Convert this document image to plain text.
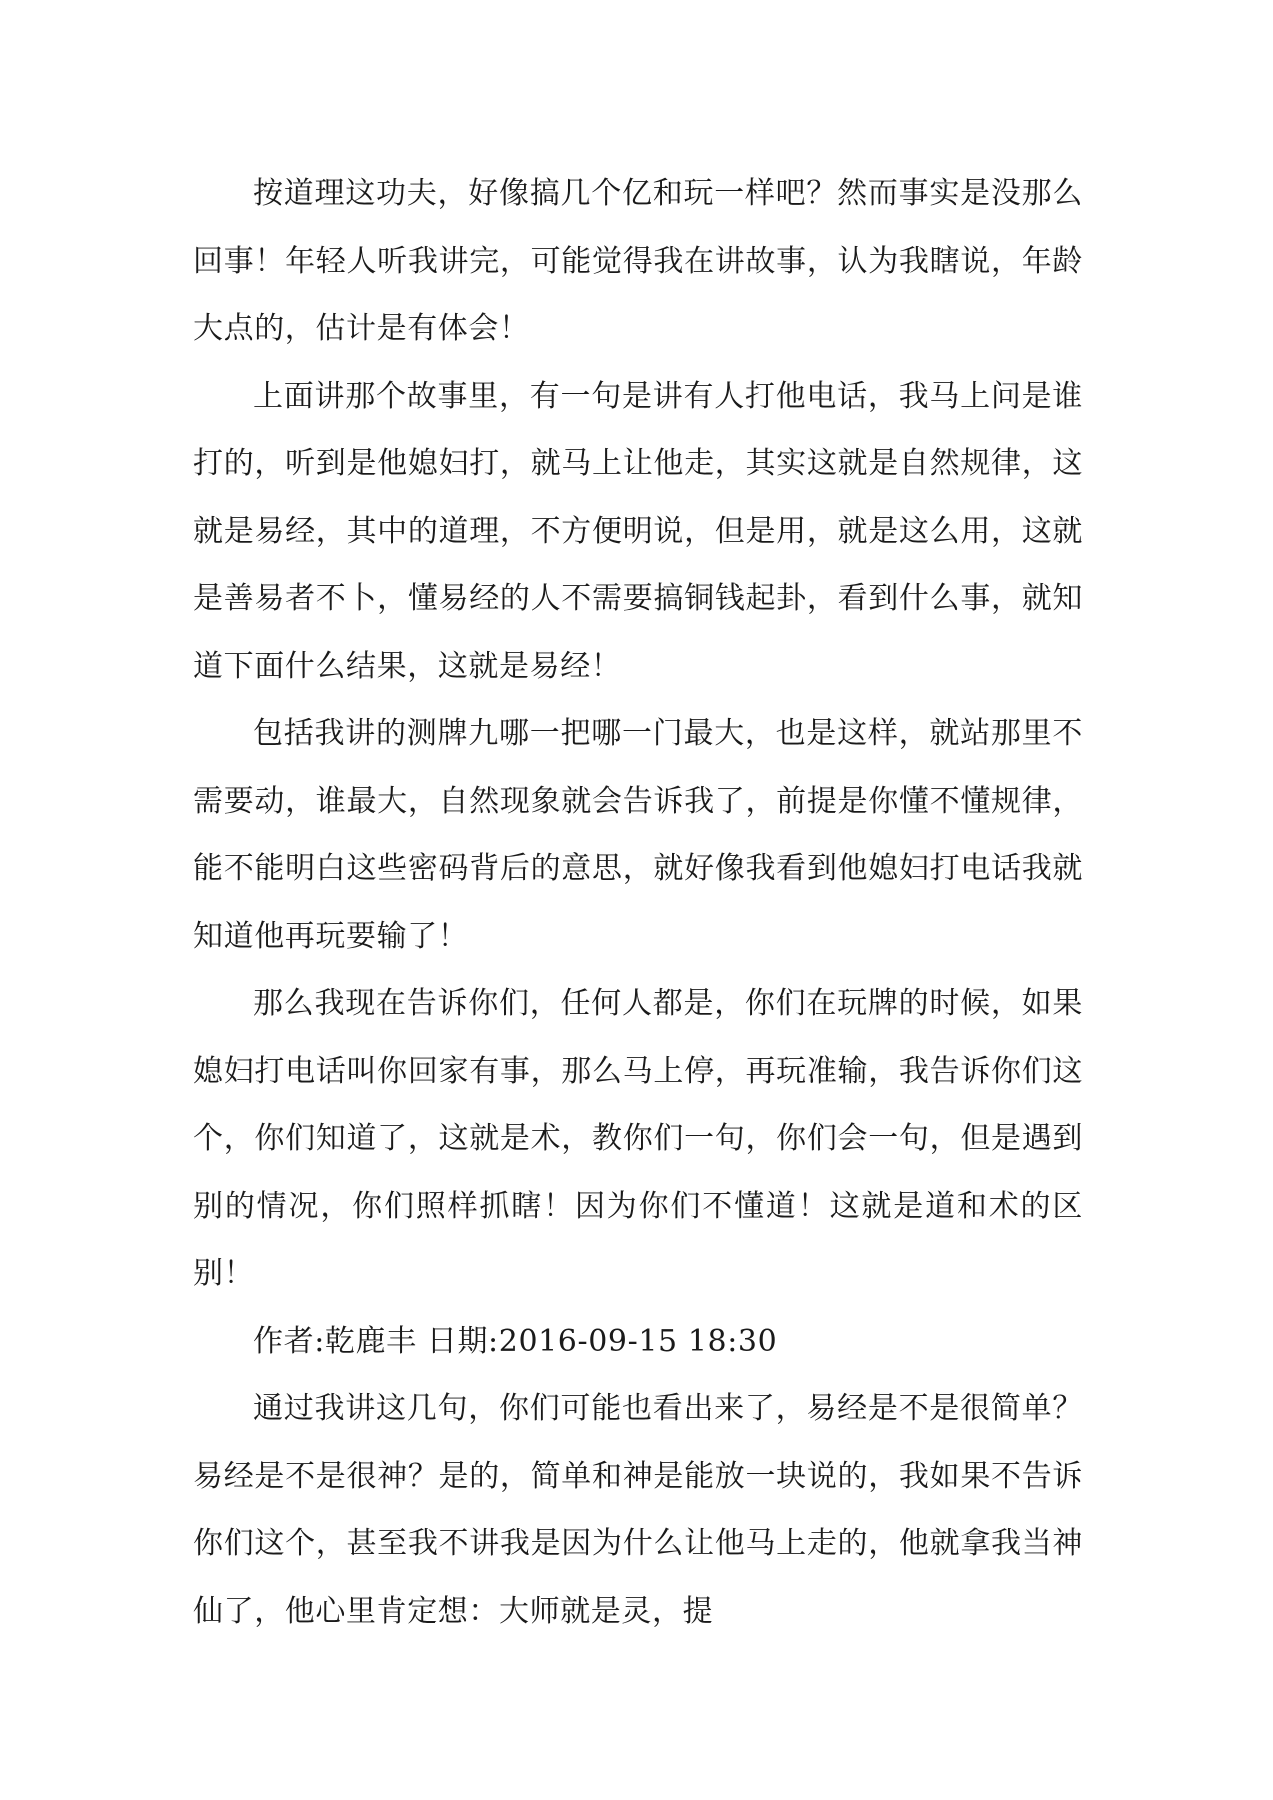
按道理这功夫，好像搞几个亿和玩一样吧？然而事实是没那么回事！年轻人听我讲完，可能觉得我在讲故事，认为我瞎说，年龄大点的，估计是有体会！

上面讲那个故事里，有一句是讲有人打他电话，我马上问是谁打的，听到是他媳妇打，就马上让他走，其实这就是自然规律，这就是易经，其中的道理，不方便明说，但是用，就是这么用，这就是善易者不卜，懂易经的人不需要搞铜钱起卦，看到什么事，就知道下面什么结果，这就是易经！

包括我讲的测牌九哪一把哪一门最大，也是这样，就站那里不需要动，谁最大，自然现象就会告诉我了，前提是你懂不懂规律，能不能明白这些密码背后的意思，就好像我看到他媳妇打电话我就知道他再玩要输了！

那么我现在告诉你们，任何人都是，你们在玩牌的时候，如果媳妇打电话叫你回家有事，那么马上停，再玩准输，我告诉你们这个，你们知道了，这就是术，教你们一句，你们会一句，但是遇到别的情况，你们照样抓瞎！因为你们不懂道！这就是道和术的区别！

作者:乾鹿丰 日期:2016-09-15 18:30

通过我讲这几句，你们可能也看出来了，易经是不是很简单？易经是不是很神？是的，简单和神是能放一块说的，我如果不告诉你们这个，甚至我不讲我是因为什么让他马上走的，他就拿我当神仙了，他心里肯定想：大师就是灵，提
